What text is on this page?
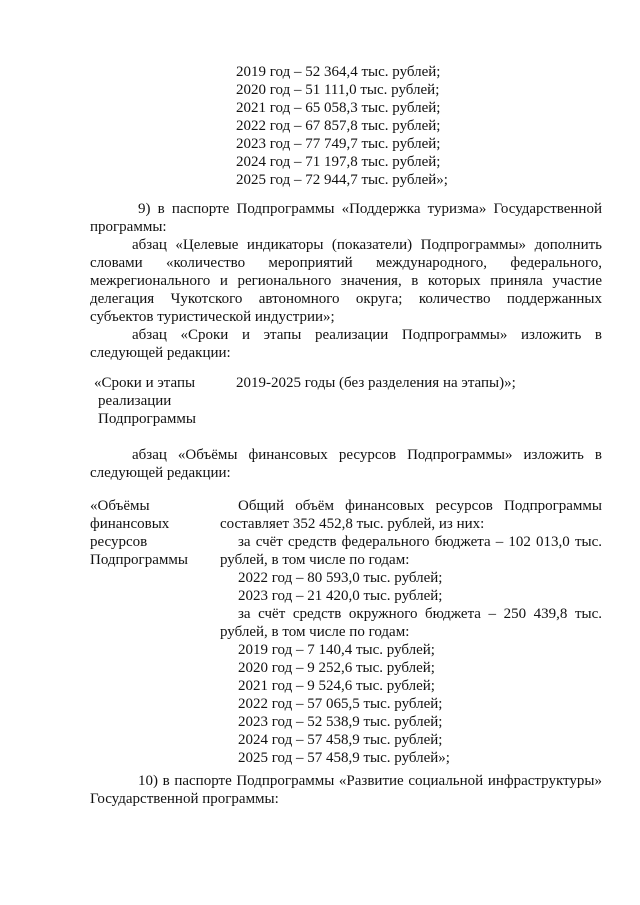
2019 год – 52 364,4 тыс. рублей;
2020 год – 51 111,0 тыс. рублей;
2021 год – 65 058,3 тыс. рублей;
2022 год – 67 857,8 тыс. рублей;
2023 год – 77 749,7 тыс. рублей;
2024 год – 71 197,8 тыс. рублей;
2025 год – 72 944,7 тыс. рублей»;
9) в паспорте Подпрограммы «Поддержка туризма» Государственной программы:
абзац «Целевые индикаторы (показатели) Подпрограммы» дополнить словами «количество мероприятий международного, федерального, межрегионального и регионального значения, в которых приняла участие делегация Чукотского автономного округа; количество поддержанных субъектов туристической индустрии»;
абзац «Сроки и этапы реализации Подпрограммы» изложить в следующей редакции:
«Сроки и этапы
реализации
Подпрограммы
2019-2025 годы (без разделения на этапы)»;
абзац «Объёмы финансовых ресурсов Подпрограммы» изложить в следующей редакции:
«Объёмы
финансовых
ресурсов
Подпрограммы
Общий объём финансовых ресурсов Подпрограммы составляет 352 452,8 тыс. рублей, из них:
за счёт средств федерального бюджета – 102 013,0 тыс. рублей, в том числе по годам:
2022 год – 80 593,0 тыс. рублей;
2023 год – 21 420,0 тыс. рублей;
за счёт средств окружного бюджета – 250 439,8 тыс. рублей, в том числе по годам:
2019 год – 7 140,4 тыс. рублей;
2020 год – 9 252,6 тыс. рублей;
2021 год – 9 524,6 тыс. рублей;
2022 год – 57 065,5 тыс. рублей;
2023 год – 52 538,9 тыс. рублей;
2024 год – 57 458,9 тыс. рублей;
2025 год – 57 458,9 тыс. рублей»;
10) в паспорте Подпрограммы «Развитие социальной инфраструктуры» Государственной программы:
